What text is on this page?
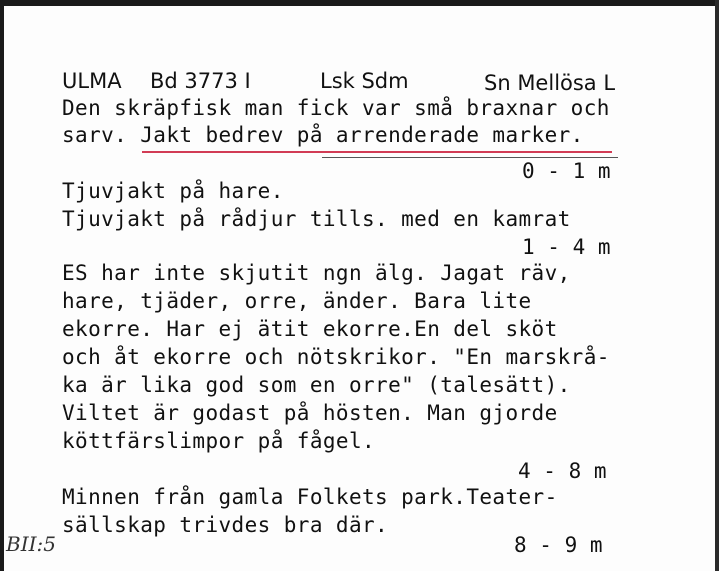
ULMA Bd 3773 I	Lsk Sdm	Sn Mellösa L
Den skräpfisk man fick var små braxnar och
sarv. Jakt bedrev på arrenderade marker.
0 - 1 m
Tjuvjakt på hare.
Tjuvjakt på rådjur tills. med en kamrat
1 - 4 m
ES har inte skjutit ngn älg. Jagat räv,
hare, tjäder, orre, änder. Bara lite
ekorre. Har ej ätit ekorre.En del sköt
och åt ekorre och nötskrikor. "En marskrå-
ka är lika god som en orre" (talesätt).
Viltet är godast på hösten. Man gjorde
köttfärslimpor på fågel.
4 - 8 m
Minnen från gamla Folkets park.Teater-
sällskap trivdes bra där.
8 - 9 m
BII:5
